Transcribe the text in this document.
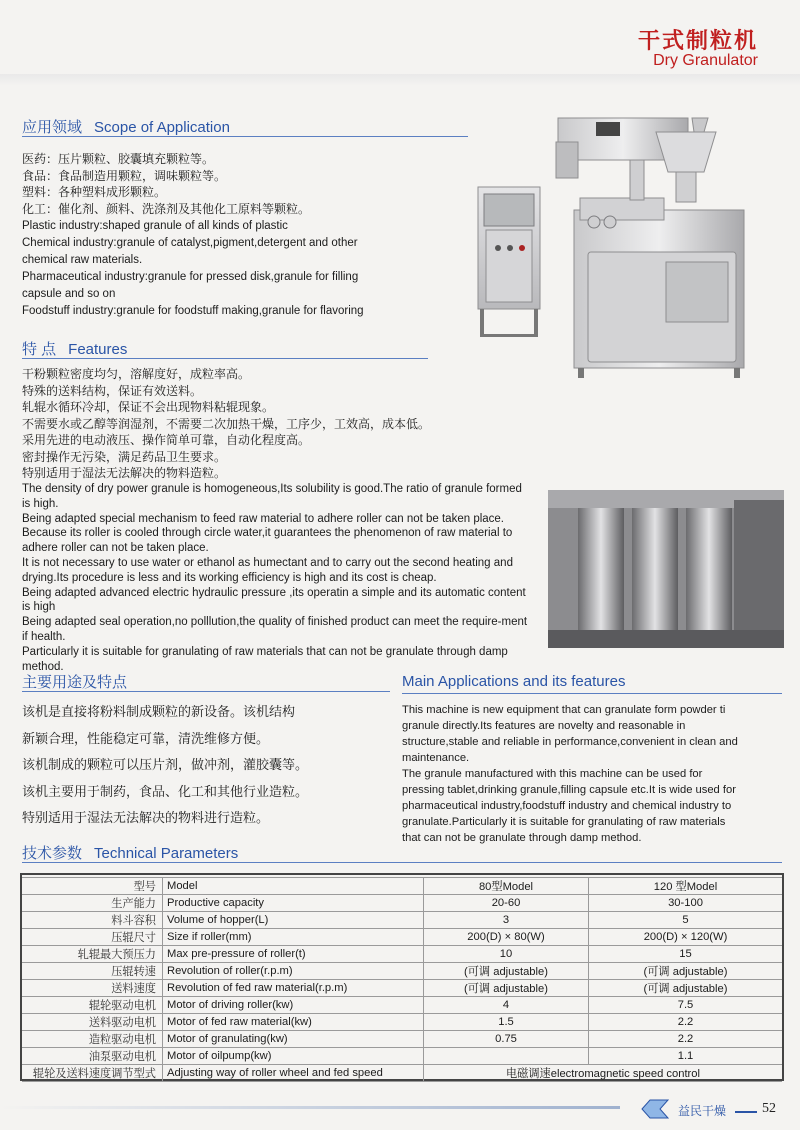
干式制粒机
Dry Granulator
应用领域 Scope of Application
医药：压片颗粒、胶囊填充颗粒等。
食品：食品制造用颗粒，调味颗粒等。
塑料：各种塑料成形颗粒。
化工：催化剂、颜料、洗涤剂及其他化工原料等颗粒。
Plastic industry:shaped granule of all kinds of plastic
Chemical industry:granule of catalyst,pigment,detergent and other
chemical raw materials.
Pharmaceutical industry:granule for pressed disk,granule for filling
capsule and so on
Foodstuff industry:granule for foodstuff making,granule for flavoring
特 点 Features
干粉颗粒密度均匀，溶解度好，成粒率高。
特殊的送料结构，保证有效送料。
轧辊水循环冷却，保证不会出现物料粘辊现象。
不需要水或乙醇等润湿剂，不需要二次加热干燥，工序少，工效高，成本低。
采用先进的电动液压、操作简单可靠，自动化程度高。
密封操作无污染，满足药品卫生要求。
特别适用于湿法无法解决的物料造粒。
The density of dry power granule is homogeneous,Its solubility is good.The ratio of granule formed
is high.
Being adapted special mechanism to feed raw material to adhere roller can not be taken place.
Because its roller is cooled through circle water,it guarantees the phenomenon of raw material to
adhere roller can not be taken place.
It is not necessary to use water or ethanol as humectant and to carry out the second heating and
drying.Its procedure is less and its working efficiency is high and its cost is cheap.
Being adapted advanced electric hydraulic pressure ,its operatin a simple and its automatic content
is high
Being adapted seal operation,no polllution,the quality of finished product can meet the require-ment
if health.
Particularly it is suitable for granulating of raw materials that can not be granulate through damp
method.
主要用途及特点
该机是直接将粉料制成颗粒的新设备。该机结构
新颖合理，性能稳定可靠，清洗维修方便。
该机制成的颗粒可以压片剂，做冲剂，灌胶囊等。
该机主要用于制药，食品、化工和其他行业造粒。
特别适用于湿法无法解决的物料进行造粒。
Main Applications and its features
This machine is new equipment that can granulate form powder ti
granule directly.Its features are novelty and reasonable in
structure,stable and reliable in performance,convenient in clean and
maintenance.
The granule manufactured with this machine can be used for
pressing tablet,drinking granule,filling capsule etc.It is wide used for
pharmaceutical industry,foodstuff industry and chemical industry to
granulate.Particularly it is suitable for granulating of raw materials
that can not be granulate through damp method.
技术参数 Technical Parameters
型号	Model	80型Model	120 型Model
生产能力	Productive capacity	20-60	30-100
料斗容积	Volume of hopper(L)	3	5
压辊尺寸	Size if roller(mm)	200(D) × 80(W)	200(D) × 120(W)
轧辊最大预压力	Max pre-pressure of roller(t)	10	15
压辊转速	Revolution of roller(r.p.m)	(可调 adjustable)	(可调 adjustable)
送料速度	Revolution of fed raw material(r.p.m)	(可调 adjustable)	(可调 adjustable)
辊轮驱动电机	Motor of driving roller(kw)	4	7.5
送料驱动电机	Motor of fed raw material(kw)	1.5	2.2
造粒驱动电机	Motor of granulating(kw)	0.75	2.2
油泵驱动电机	Motor of oilpump(kw)		1.1
辊轮及送料速度调节型式	Adjusting way of roller wheel and fed speed	电磁调速electromagnetic speed control	
益民干燥	52
